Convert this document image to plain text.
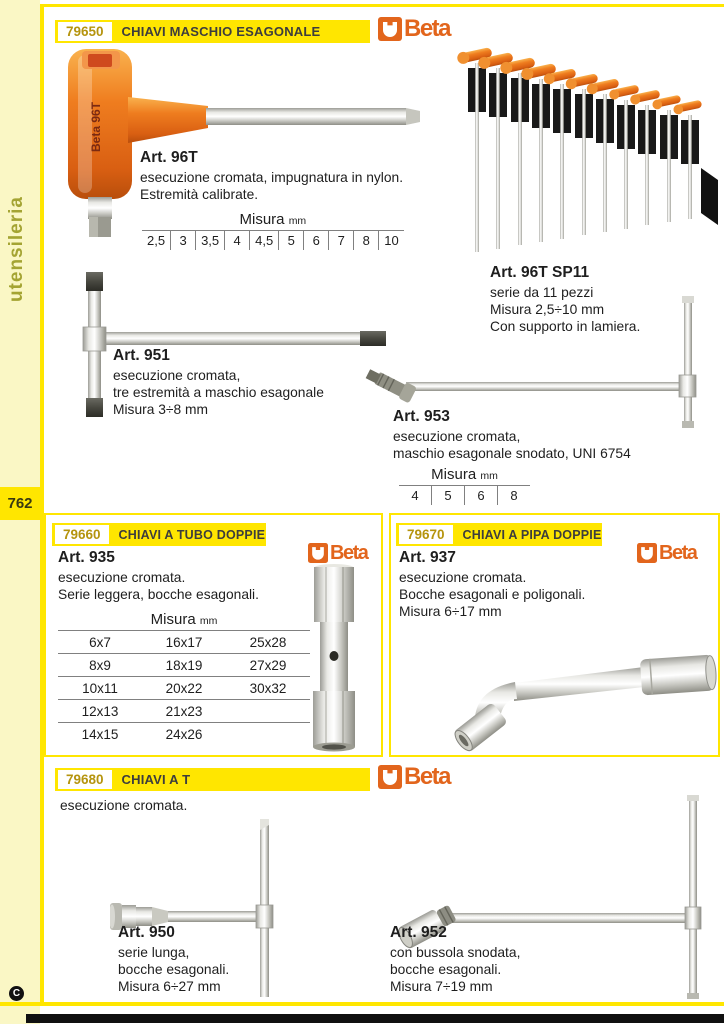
utensileria
762
C
79650	CHIAVI MASCHIO ESAGONALE	Beta
Beta 96T
Art. 96T
esecuzione cromata, impugnatura in nylon.
Estremità calibrate.
Misura mm
2,5	3	3,5	4	4,5	5	6	7	8	10
Art. 96T SP11
serie da 11 pezzi
Misura 2,5÷10 mm
Con supporto in lamiera.
Art. 951
esecuzione cromata,
tre estremità a maschio esagonale
Misura 3÷8 mm	Art. 953
esecuzione cromata,
maschio esagonale snodato, UNI 6754
Misura mm
4	5	6	8
79660	CHIAVI A TUBO DOPPIE
Beta
Art. 935
esecuzione cromata.
Serie leggera, bocche esagonali.
Misura mm
6x7	16x17	25x28
8x9	18x19	27x29
10x11	20x22	30x32
12x13	21x23
14x15	24x26
79670	CHIAVI A PIPA DOPPIE
Beta
Art. 937
esecuzione cromata.
Bocche esagonali e poligonali.
Misura 6÷17 mm
79680	CHIAVI A T	Beta
esecuzione cromata.
Art. 950
serie lunga,
bocche esagonali.
Misura 6÷27 mm
Art. 952
con bussola snodata,
bocche esagonali.
Misura 7÷19 mm
